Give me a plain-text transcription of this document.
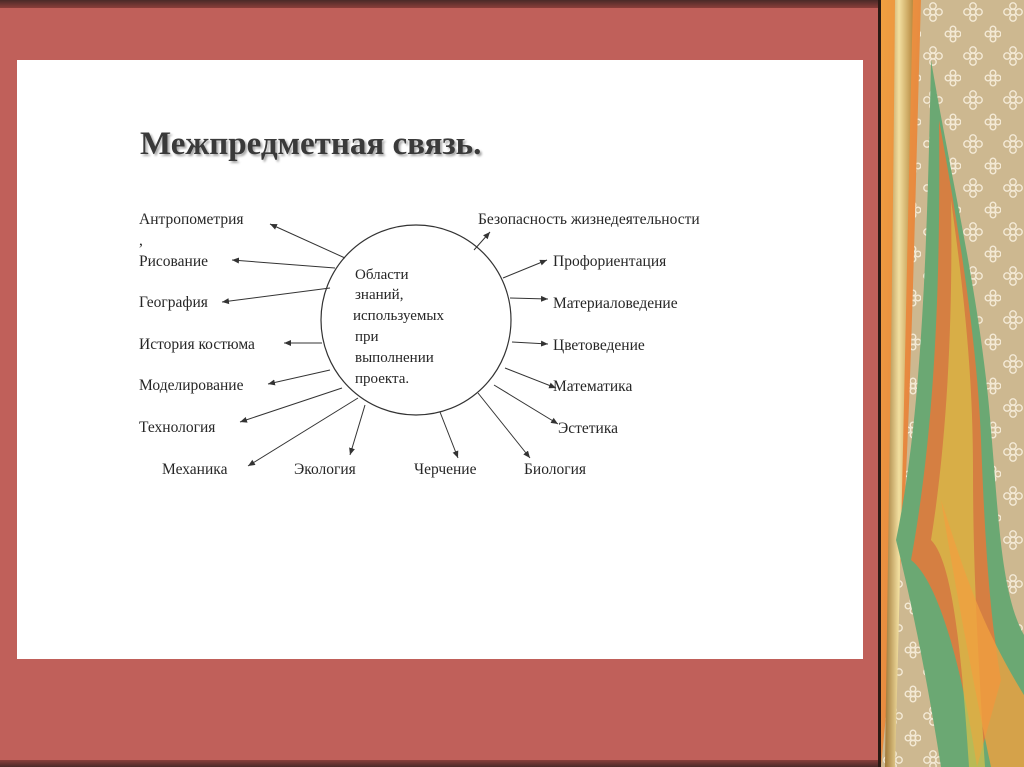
Межпредметная связь.
Области знаний, используемых при выполнении проекта.
Антропометрия
,
Рисование
География
История костюма
Моделирование
Технология
Механика	Экология	Черчение	Биология
Безопасность жизнедеятельности
Профориентация
Материаловедение
Цветоведение
Математика
Эстетика
